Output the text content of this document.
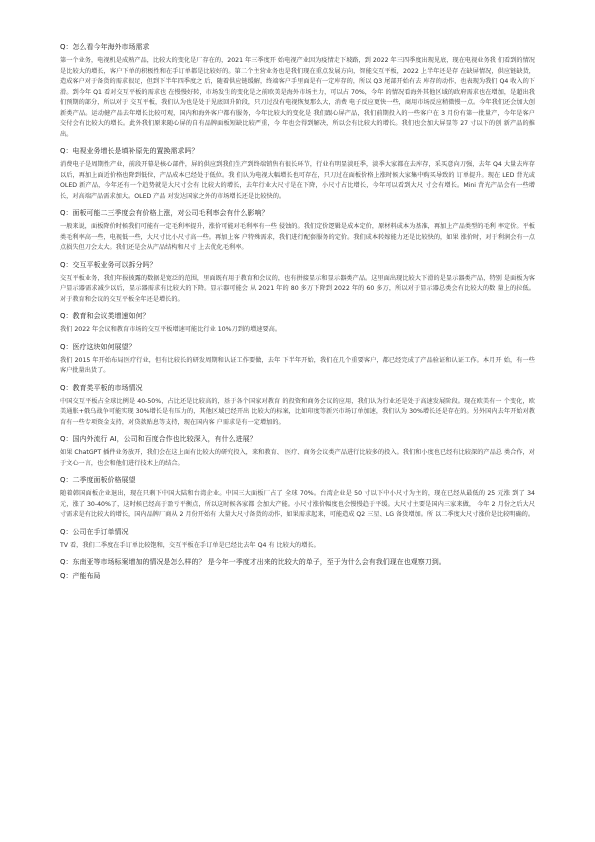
Q：怎么看今年海外市场需求

第一个业务，电视机是成熟产品，比较大的变化是厂存在的，2021 年三季度开 始电视产业因为疫情走下坡路，到 2022 年三四季度出现见底，现在电视业务我 们看到的情况是比较大的增长，客户下单的积极性和在手订单都是比较好的。第二个主营业务也是我们现在重点发展方向，智能交互平板，2022 上半年还是存 在缺屏情况，供应链缺货，造成客户对于备货的需求很足，但到下半年四季度之 后，随着供应链缓解，终端客户手里面是有一定库存的，所以 Q3 尾部开始有去 库存的动作，也表现为我们 Q4 收入的下滑。到今年 Q1 看对交互平板的需求也 在慢慢好转，市场发生的变化是之前欧美是海外市场主力，可以占 70%，今年 的情况看海外其他区域的政府需求也在增加，是超出我们预期的部分，所以对于 交互平板，我们认为也是处于见底回升阶段，只刀过没有电视恢复那么大，消费 电子反应更快一些，商用市场反应稍微慢一点。今年我们还会加大创新类产品。运动健产品去年增长比较可观，国内和海外客户都有服务，今年比较大的变化是 我们跟心屏产品，我们前期投入的一些客户在 3 月份有第一批量产，今年是客户 交付会有比较大的增长。此外我们原来随心屏的自有品牌面板短缺比较严重，今 年也会得到解决，所以会有比较大的增长。我们也会加大屏显等 27 寸以下的创 新产品的推出。

Q：电视业务增长是填补原先的置换需求吗？

消费电子是周期性产业，前段开幕是核心部件，屏的供应到我们生产到终端销售有很长环节，行业有明显淡旺季，淡季大家都在去库存，采买意向刀强，去年 Q4 大量去库存以后，再加上面近价格也降到低位，产品成本已经处于低位。我 们认为电视大幅增长也可存在，只刀过在面板价格上涨时候大家集中购买导致的 订单提升。现在 LED 背光或 OLED 新产品，今年还有一个趋势就是大尺寸会有 比较大的增长，去年行业大尺寸是在下降，小尺寸占比增长，今年可以看到大尺 寸会有增长。Mini 背光产品会有一些增长，对高端产品需求加大。OLED 产品 对发达国家之外的市场增长还是比较快的。

Q：面板可能二三季度会有价格上涨，对公司毛利率会有什么影响？

一般来说，面板降价时候我们可能有一定毛利率提升，涨价可能对毛利率有一些 侵蚀的。我们定价逻辑是成本定价，原材料成本为基准，再加上产品类型的毛利 率定价。平板类毛利率高一些，电视低一些，大尺寸比小尺寸高一些。再加上客 户特殊需求，我们进行配套服务的定价。我们成本转嫁能力还是比较快的，如果 涨价时，对于利润会有一点点损失但刀会太大。我们还是会从产品结构和尺寸 上去优化毛利率。

Q：交互平板业务可以拆分吗？

交互平板业务，我们年报披露的数据是宽泛的范围，里面既有用于教育和会议的，也有拼接显示和显示器类产品。这里面出现比较大下滑的是显示器类产品，特别 是面板为客户显示器需求减少以后，显示器需求有比较大的下降。显示器可能会 从 2021 年的 80 多万下降到 2022 年的 60 多万，所以对于显示器总类会有比较大的数 量上的拉低。对于教育和会议的交互平板全年还是增长的。

Q：教育和会议类增速如何？

我们 2022 年会议和教育市场的交互平板增速可能比行业 10%刀到的增速要高。

Q：医疗这块如何展望？

我们 2015 年开始布局医疗行业，但有比较长的研发周期和认证工作要做，去年 下半年开始，我们在几个重要客户，都已经完成了产品验证和认证工作。本月开 始，有一些客户批量出货了。

Q：教育类平板的市场情况

中国交互平板占全球比例是 40-50%，占比还是比较高的，基于各个国家对教育 的投资和商务会议的应用，我们认为行业还是处于高速发展阶段。现在欧美有一 个变化，欧美通胀+俄乌战争可能实现 30%增长是有压力的，其他区域已经开出 比较大的标案，比如印度等新兴市场订单加速，我们认为 30%增长还是存在的。另外国内去年开始对教育有一些专项资金支持，对贷款贴息等支持，现在国内客 户需求是有一定增加的。

Q：国内外流行 AI，公司和百度合作也比较深入，有什么进展？

如果 ChatGPT 插件业务放开，我们会在这上面有比较大的研究投入，来和教育、 医疗、商务会议类产品进行比较多的投入。我们和小度也已经有比较深的产品总 类合作，对于文心一言，也会和他们进行技术上的结合。

Q：二季度面板价格展望

随着韩国面板企业退出，现在只剩下中国大陆和台湾企业。中国三大面板厂占了 全球 70%。台湾企业是 50 寸以下中小尺寸为主的，现在已经从最低的 25 元涨 到了 34 元，涨了 30-40%了，这时候已经高于盈亏平衡点，所以这时候各家都 会加大产能。小尺寸涨价幅度也会慢慢趋于平缓。大尺寸主要是国内三家来做， 今年 2 月份之后大尺寸需求是有比较大的增长，国内品牌厂商从 2 月份开始有 大量大尺寸备货的动作，如果需求起来，可能造成 Q2 三星、LG 备货增加。所 以二季度大尺寸涨价是比较明确的。

Q：公司在手订单情况

TV 看，我们二季度在手订单比较饱和，交互平板在手订单是已经比去年 Q4 有 比较大的增长。

Q：东南亚等市场标案增加的情况是怎么样的？ 是今年一季度才出来的比较大的单子，至于为什么会有我们现在也观察刀到。

Q：产能布局
